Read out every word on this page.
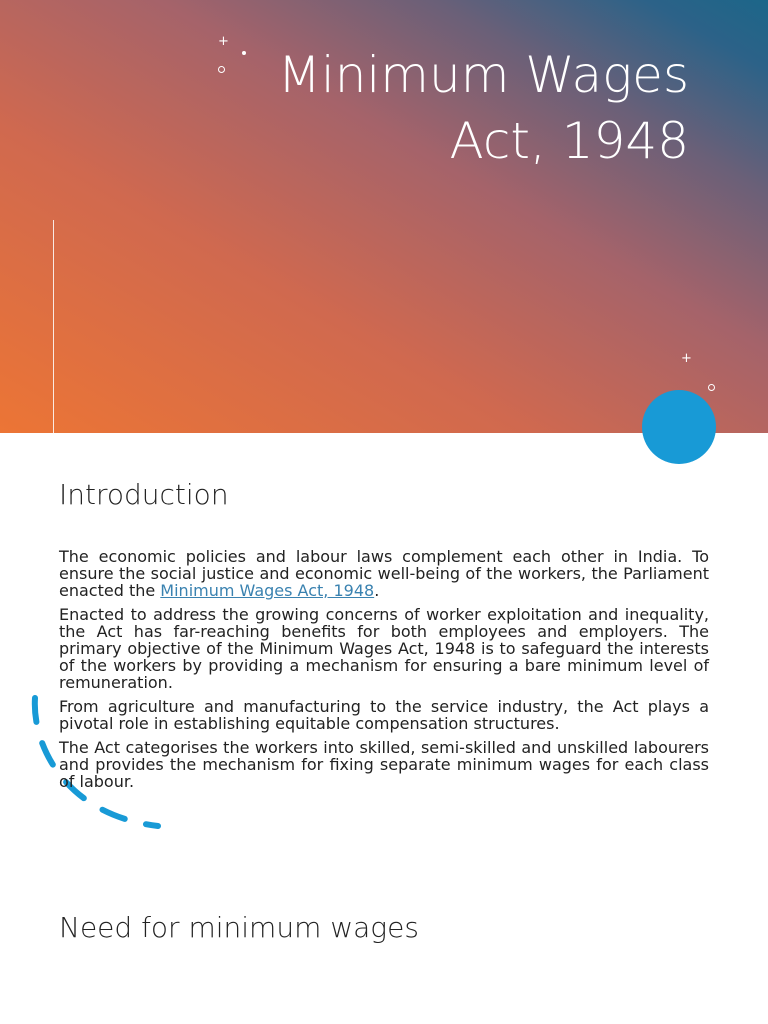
+
Minimum Wages
Act, 1948
+
Introduction

The economic policies and labour laws complement each other in India. To ensure the social justice and economic well-being of the workers, the Parliament enacted the Minimum Wages Act, 1948.

Enacted to address the growing concerns of worker exploitation and inequality, the Act has far-reaching benefits for both employees and employers. The primary objective of the Minimum Wages Act, 1948 is to safeguard the interests of the workers by providing a mechanism for ensuring a bare minimum level of remuneration.

From agriculture and manufacturing to the service industry, the Act plays a pivotal role in establishing equitable compensation structures.

The Act categorises the workers into skilled, semi-skilled and unskilled labourers and provides the mechanism for fixing separate minimum wages for each class of labour.

Need for minimum wages
